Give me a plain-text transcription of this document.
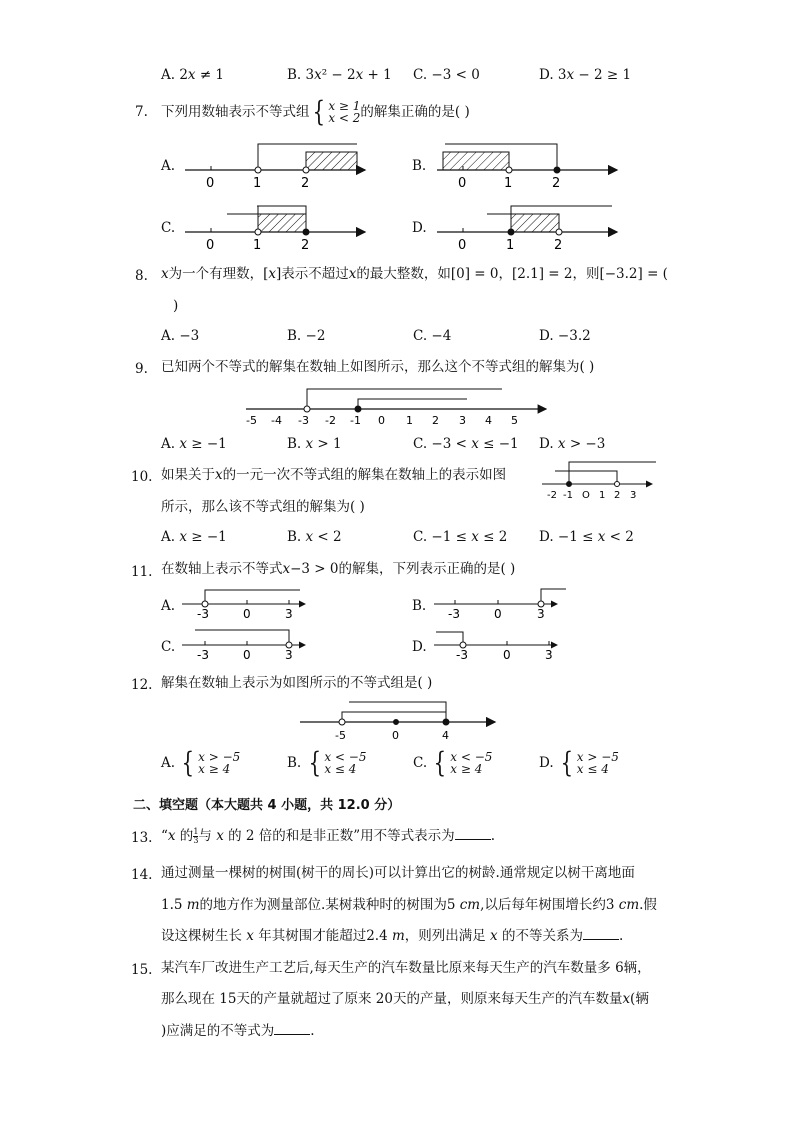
A. 2𝑥 ≠ 1	B. 3𝑥² − 2𝑥 + 1 C. −3 < 0	D. 3𝑥 − 2 ≥ 1
7. 下列用数轴表示不等式组 { 𝑥 ≥ 1
𝑥 < 2 的解集正确的是( )
A.	B.
C.	D.
0	1	2	0	1	2
0	1	2	0	1	2
8. 𝑥为一个有理数，[𝑥]表示不超过𝑥的最大整数，如[0] = 0，[2.1] = 2，则[−3.2] = (
)
A. −3	B. −2	C. −4	D. −3.2
9. 已知两个不等式的解集在数轴上如图所示，那么这个不等式组的解集为( )
-5 -4 -3 -2 -1 0 1 2 3 4 5
A. 𝑥 ≥ −1	B. 𝑥 > 1	C. −3 < 𝑥 ≤ −1 D. 𝑥 > −3
10. 如果关于𝑥的一元一次不等式组的解集在数轴上的表示如图
所示，那么该不等式组的解集为( )
-2 -1 O 1 2 3
A. 𝑥 ≥ −1	B. 𝑥 < 2	C. −1 ≤ 𝑥 ≤ 2 D. −1 ≤ 𝑥 < 2
11. 在数轴上表示不等式𝑥−3 > 0的解集，下列表示正确的是( )
A.	B.
C.	D.
-3	0	3	-3	0	3
-3	0	3	-3	0	3
12. 解集在数轴上表示为如图所示的不等式组是( )
-5	0	4
A.
{ 𝑥 > −5
𝑥 ≥ 4	B.
{ 𝑥 < −5
𝑥 ≤ 4	C.
{ 𝑥 < −5
𝑥 ≥ 4	D.
{ 𝑥 > −5
𝑥 ≤ 4
二、填空题（本大题共 4 小题，共 12.0 分）
13. “𝑥 的 $\frac{1}{3}$ 与 𝑥 的 2 倍的和是非正数”用不等式表示为	.
14. 通过测量一棵树的树围(树干的周长)可以计算出它的树龄.通常规定以树干离地面
1.5 𝑚的地方作为测量部位.某树栽种时的树围为5 𝑐𝑚,以后每年树围增长约3 𝑐𝑚.假
设这棵树生长 𝑥 年其树围才能超过2.4 𝑚，则列出满足 𝑥 的不等关系为	.
15. 某汽车厂改进生产工艺后,每天生产的汽车数量比原来每天生产的汽车数量多 6辆，
那么现在 15天的产量就超过了原来 20天的产量，则原来每天生产的汽车数量𝑥(辆
)应满足的不等式为	.
